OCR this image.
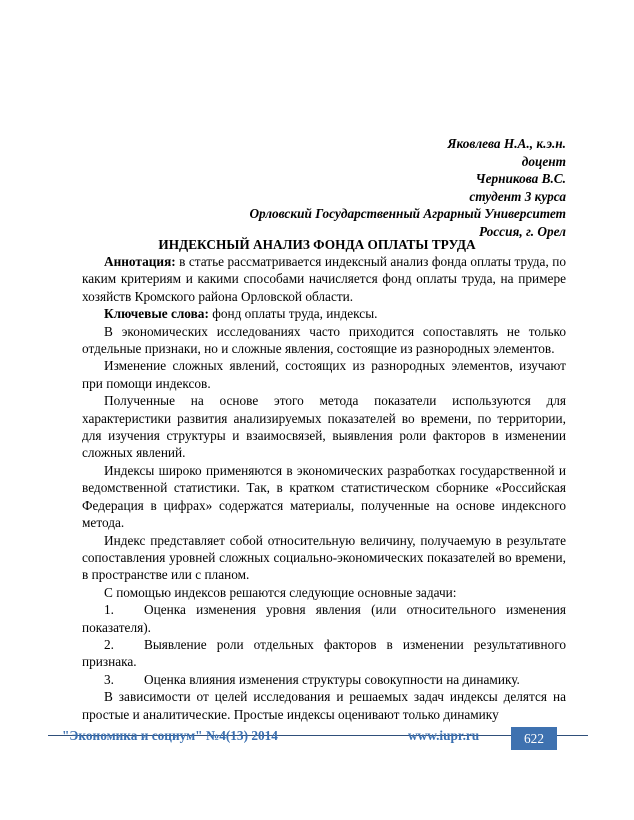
Яковлева Н.А., к.э.н.
доцент
Черникова В.С.
студент 3 курса
Орловский Государственный Аграрный Университет
Россия, г. Орел
ИНДЕКСНЫЙ АНАЛИЗ ФОНДА ОПЛАТЫ ТРУДА

Аннотация: в статье рассматривается индексный анализ фонда оплаты труда, по каким критериям и какими способами начисляется фонд оплаты труда, на примере хозяйств Кромского района Орловской области.

Ключевые слова: фонд оплаты труда, индексы.

В экономических исследованиях часто приходится сопоставлять не только отдельные признаки, но и сложные явления, состоящие из разнородных элементов.

Изменение сложных явлений, состоящих из разнородных элементов, изучают при помощи индексов.

Полученные на основе этого метода показатели используются для характеристики развития анализируемых показателей во времени, по территории, для изучения структуры и взаимосвязей, выявления роли факторов в изменении сложных явлений.

Индексы широко применяются в экономических разработках государственной и ведомственной статистики. Так, в кратком статистическом сборнике «Российская Федерация в цифрах» содержатся материалы, полученные на основе индексного метода.

Индекс представляет собой относительную величину, получаемую в результате сопоставления уровней сложных социально-экономических показателей во времени, в пространстве или с планом.

С помощью индексов решаются следующие основные задачи:

1. Оценка изменения уровня явления (или относительного изменения показателя).

2. Выявление роли отдельных факторов в изменении результативного признака.

3. Оценка влияния изменения структуры совокупности на динамику.

В зависимости от целей исследования и решаемых задач индексы делятся на простые и аналитические. Простые индексы оценивают только динамику

"Экономика и социум" №4(13) 2014	www.iupr.ru	622
